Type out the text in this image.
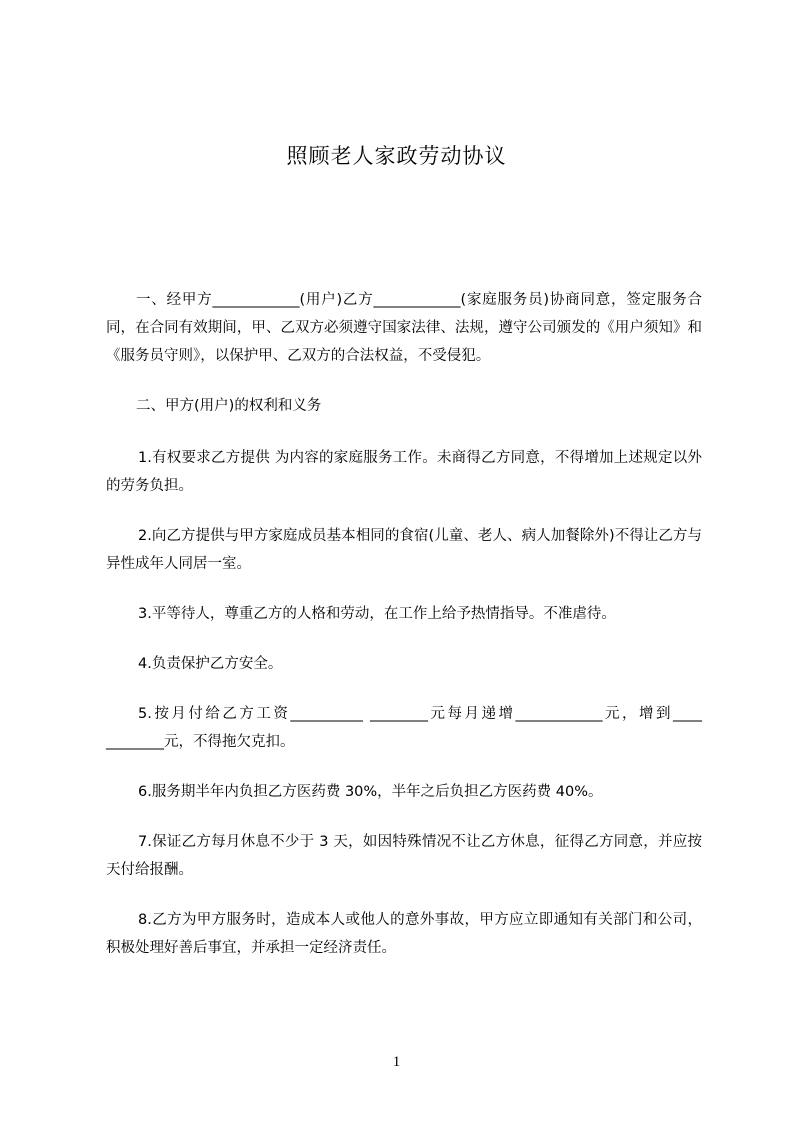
照顾老人家政劳动协议

一、经甲方____________(用户)乙方____________(家庭服务员)协商同意，签定服务合同，在合同有效期间，甲、乙双方必须遵守国家法律、法规，遵守公司颁发的《用户须知》和《服务员守则》，以保护甲、乙双方的合法权益，不受侵犯。

二、甲方(用户)的权利和义务

1.有权要求乙方提供 为内容的家庭服务工作。未商得乙方同意，不得增加上述规定以外的劳务负担。

2.向乙方提供与甲方家庭成员基本相同的食宿(儿童、老人、病人加餐除外)不得让乙方与异性成年人同居一室。

3.平等待人，尊重乙方的人格和劳动，在工作上给予热情指导。不准虐待。

4.负责保护乙方安全。

5.按月付给乙方工资__________ ________元每月递增____________元，增到____ ________元，不得拖欠克扣。

6.服务期半年内负担乙方医药费 30%，半年之后负担乙方医药费 40%。

7.保证乙方每月休息不少于 3 天，如因特殊情况不让乙方休息，征得乙方同意，并应按天付给报酬。

8.乙方为甲方服务时，造成本人或他人的意外事故，甲方应立即通知有关部门和公司，积极处理好善后事宜，并承担一定经济责任。

1
